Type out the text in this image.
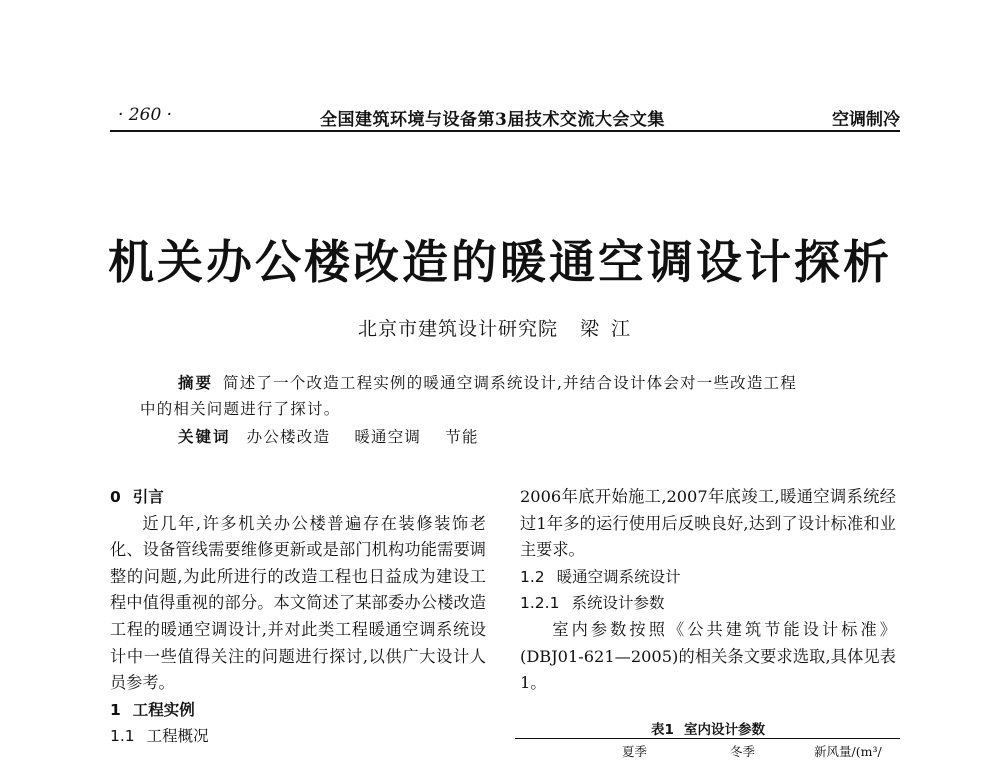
· 260 ·	全国建筑环境与设备第3届技术交流大会文集	空调制冷
机关办公楼改造的暖通空调设计探析
北京市建筑设计研究院 梁江
摘要 简述了一个改造工程实例的暖通空调系统设计,并结合设计体会对一些改造工程
中的相关问题进行了探讨。
关键词 办公楼改造 暖通空调 节能
0 引言

近几年,许多机关办公楼普遍存在装修装饰老化、设备管线需要维修更新或是部门机构功能需要调整的问题,为此所进行的改造工程也日益成为建设工程中值得重视的部分。本文简述了某部委办公楼改造工程的暖通空调设计,并对此类工程暖通空调系统设计中一些值得关注的问题进行探讨,以供广大设计人员参考。

1 工程实例
1.1 工程概况

2006年底开始施工,2007年底竣工,暖通空调系统经过1年多的运行使用后反映良好,达到了设计标准和业主要求。

1.2 暖通空调系统设计
1.2.1 系统设计参数

室内参数按照《公共建筑节能设计标准》(DBJ01-621—2005)的相关条文要求选取,具体见表1。

表1 室内设计参数
夏季	冬季	新风量/(m³/
